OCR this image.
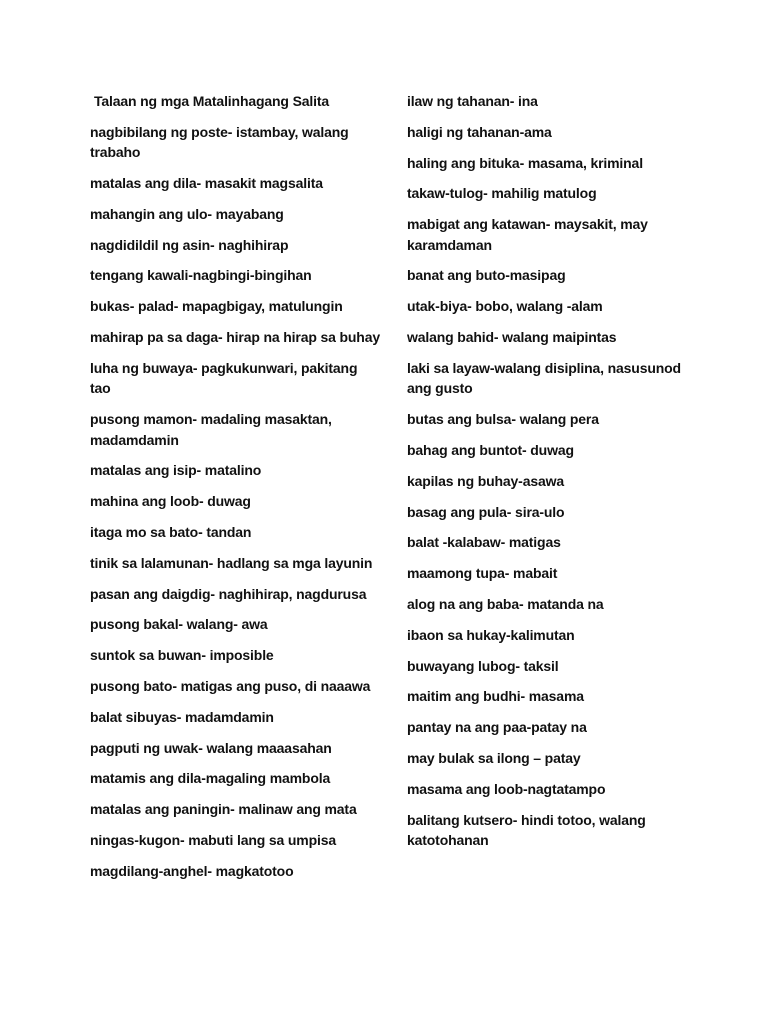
Talaan ng mga Matalinhagang Salita
nagbibilang ng poste- istambay, walang trabaho
matalas ang dila- masakit magsalita
mahangin ang ulo- mayabang
nagdidildil ng asin- naghihirap
tengang kawali-nagbingi-bingihan
bukas- palad- mapagbigay, matulungin
mahirap pa sa daga- hirap na hirap sa buhay
luha ng buwaya- pagkukunwari, pakitang tao
pusong mamon- madaling masaktan, madamdamin
matalas ang isip- matalino
mahina ang loob- duwag
itaga mo sa bato- tandan
tinik sa lalamunan- hadlang sa mga layunin
pasan ang daigdig- naghihirap, nagdurusa
pusong bakal- walang- awa
suntok sa buwan- imposible
pusong bato- matigas ang puso, di naaawa
balat sibuyas- madamdamin
pagputi ng uwak- walang maaasahan
matamis ang dila-magaling mambola
matalas ang paningin- malinaw ang mata
ningas-kugon- mabuti lang sa umpisa
magdilang-anghel- magkatotoo
ilaw ng tahanan- ina
haligi ng tahanan-ama
haling ang bituka- masama, kriminal
takaw-tulog- mahilig matulog
mabigat ang katawan- maysakit, may karamdaman
banat ang buto-masipag
utak-biya- bobo, walang -alam
walang bahid- walang maipintas
laki sa layaw-walang disiplina, nasusunod ang gusto
butas ang bulsa- walang pera
bahag ang buntot- duwag
kapilas ng buhay-asawa
basag ang pula- sira-ulo
balat -kalabaw- matigas
maamong tupa- mabait
alog na ang baba- matanda na
ibaon sa hukay-kalimutan
buwayang lubog- taksil
maitim ang budhi- masama
pantay na ang paa-patay na
may bulak sa ilong – patay
masama ang loob-nagtatampo
balitang kutsero- hindi totoo, walang katotohanan
